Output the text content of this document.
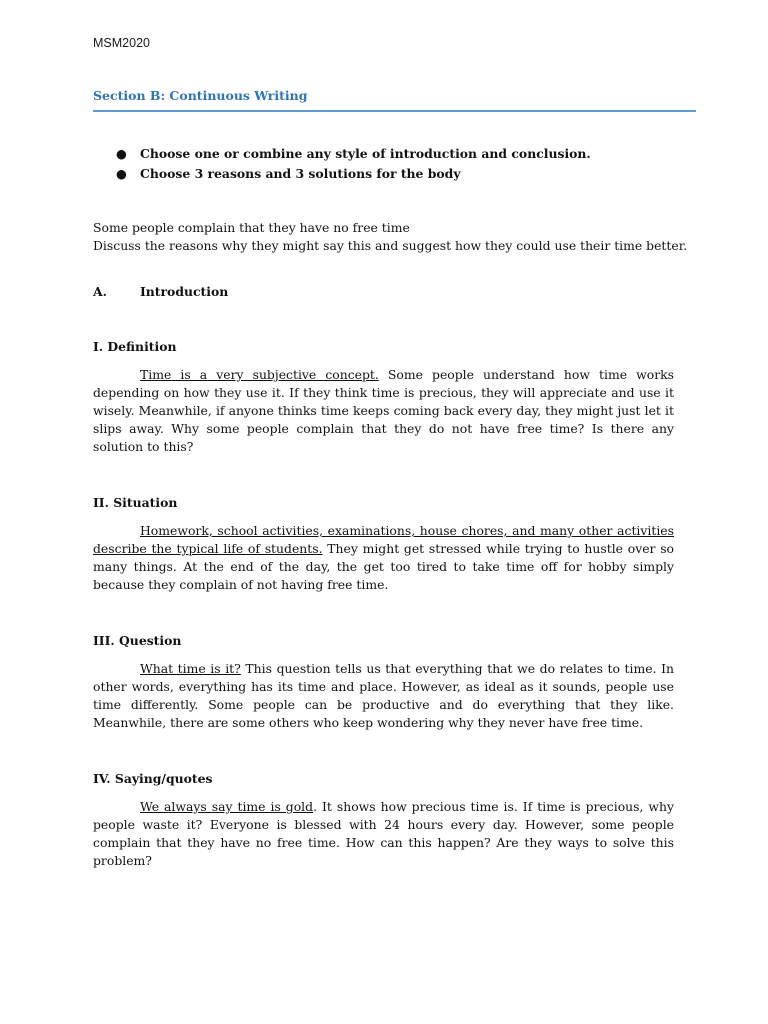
MSM2020
Section B: Continuous Writing
● Choose one or combine any style of introduction and conclusion.
● Choose 3 reasons and 3 solutions for the body
Some people complain that they have no free time
Discuss the reasons why they might say this and suggest how they could use their time better.
A.	Introduction
I. Definition
Time is a very subjective concept. Some people understand how time works depending on how they use it. If they think time is precious, they will appreciate and use it wisely. Meanwhile, if anyone thinks time keeps coming back every day, they might just let it slips away. Why some people complain that they do not have free time? Is there any solution to this?
II. Situation
Homework, school activities, examinations, house chores, and many other activities describe the typical life of students. They might get stressed while trying to hustle over so many things. At the end of the day, the get too tired to take time off for hobby simply because they complain of not having free time.
III. Question
What time is it? This question tells us that everything that we do relates to time. In other words, everything has its time and place. However, as ideal as it sounds, people use time differently. Some people can be productive and do everything that they like. Meanwhile, there are some others who keep wondering why they never have free time.
IV. Saying/quotes
We always say time is gold. It shows how precious time is. If time is precious, why people waste it? Everyone is blessed with 24 hours every day. However, some people complain that they have no free time. How can this happen? Are they ways to solve this problem?
